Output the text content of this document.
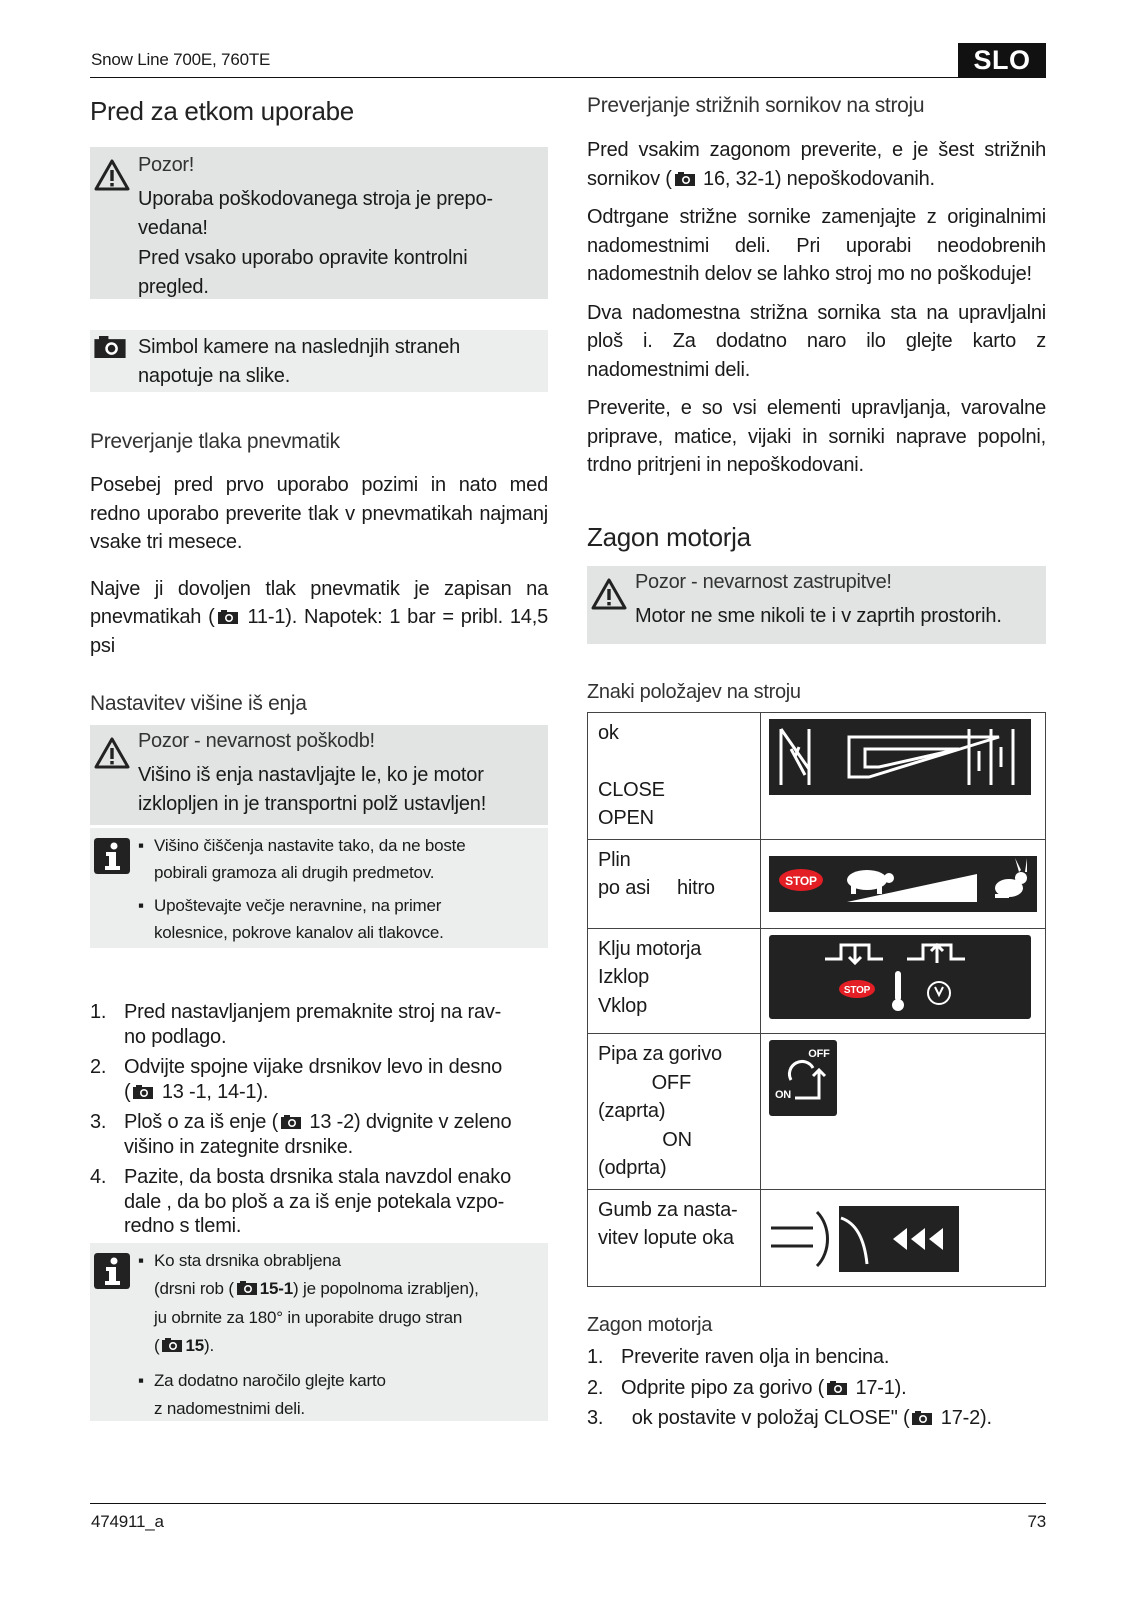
Snow Line 700E, 760TE	SLO
Pred za etkom uporabe
Pozor!

Uporaba poškodovanega stroja je prepo-
vedana!

Pred vsako uporabo opravite kontrolni
pregled.

Simbol kamere na naslednjih straneh
napotuje na slike.
Preverjanje tlaka pnevmatik

Posebej pred prvo uporabo pozimi in nato med redno uporabo preverite tlak v pnevmatikah najmanj vsake tri mesece.

Najve ji dovoljen tlak pnevmatik je zapisan na pnevmatikah ( 11-1). Napotek: 1 bar = pribl. 14,5 psi

Nastavitev višine iš enja
Pozor - nevarnost poškodb!

Višino iš enja nastavljajte le, ko je motor
izklopljen in je transportni polž ustavljen!

▪ Višino čiščenja nastavite tako, da ne boste
pobirali gramoza ali drugih predmetov.
▪ Upoštevajte večje neravnine, na primer
kolesnice, pokrove kanalov ali tlakovce.
1. Pred nastavljanjem premaknite stroj na rav-
no podlago.
2. Odvijte spojne vijake drsnikov levo in desno
( 13 -1, 14-1).
3. Ploš o za iš enje ( 13 -2) dvignite v zeleno
višino in zategnite drsnike.
4. Pazite, da bosta drsnika stala navzdol enako
dale , da bo ploš a za iš enje potekala vzpo-
redno s tlemi.
▪ Ko sta drsnika obrabljena
(drsni rob ( 15-1) je popolnoma izrabljen),
ju obrnite za 180° in uporabite drugo stran
( 15).
▪ Za dodatno naročilo glejte karto
z nadomestnimi deli.
Preverjanje strižnih sornikov na stroju

Pred vsakim zagonom preverite, e je šest strižnih sornikov ( 16, 32-1) nepoškodovanih.

Odtrgane strižne sornike zamenjajte z originalnimi nadomestnimi deli. Pri uporabi neodobrenih nadomestnih delov se lahko stroj mo no poškoduje!

Dva nadomestna strižna sornika sta na upravljalni ploš i. Za dodatno naro ilo glejte karto z nadomestnimi deli.

Preverite, e so vsi elementi upravljanja, varovalne priprave, matice, vijaki in sorniki naprave popolni, trdno pritrjeni in nepoškodovani.

Zagon motorja
Pozor - nevarnost zastrupitve!

Motor ne sme nikoli te i v zaprtih prostorih.

Znaki položajev na stroju
ok

CLOSE
OPEN	
Plin
po asi     hitro	STOP

Klju motorja
Izklop
Vklop	STOP

Pipa za gorivo
OFF
(zaprta)
ON
(odprta)	OFF
ON

Gumb za nasta-
vitev lopute oka	
Zagon motorja
1. Preverite raven olja in bencina.
2. Odprite pipo za gorivo ( 17-1).
3. ok postavite v položaj CLOSE" ( 17-2).
474911_a	73
